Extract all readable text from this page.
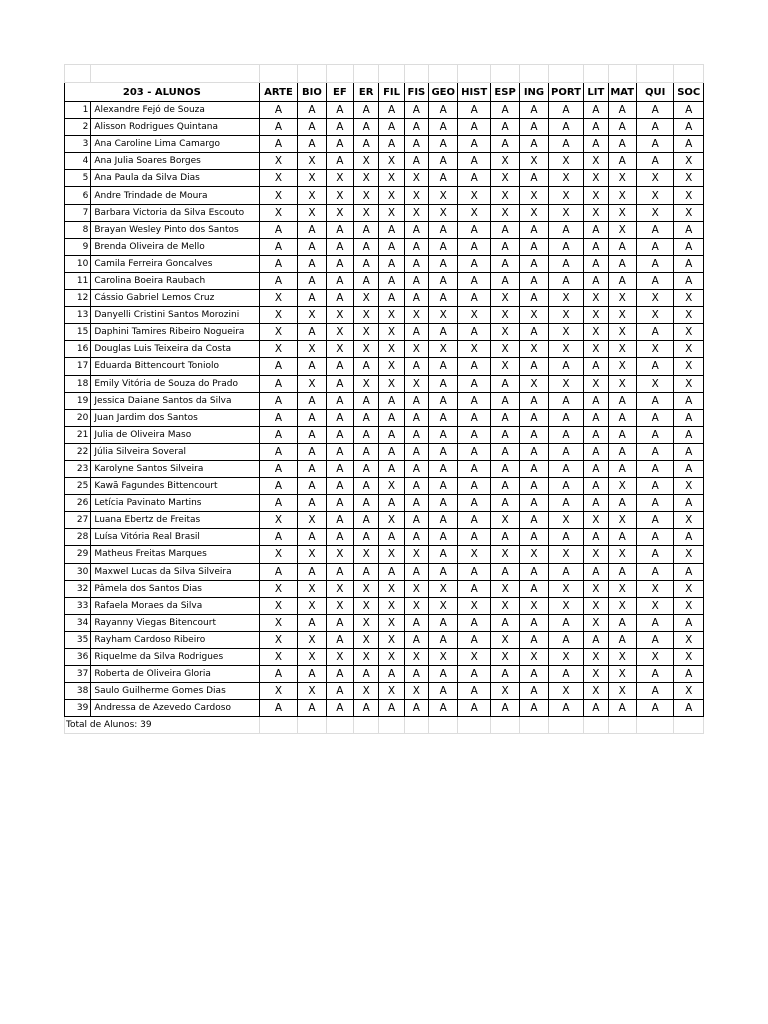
203 - ALUNOS		ARTE	BIO	EF	ER	FIL	FIS	GEO	HIST	ESP	ING	PORT	LIT	MAT	QUI	SOC
1	Alexandre Fejó de Souza	A	A	A	A	A	A	A	A	A	A	A	A	A	A	A
2	Alisson Rodrigues Quintana	A	A	A	A	A	A	A	A	A	A	A	A	A	A	A
3	Ana Caroline Lima Camargo	A	A	A	A	A	A	A	A	A	A	A	A	A	A	A
4	Ana Julia Soares Borges	X	X	A	X	X	A	A	A	X	X	X	X	A	A	X
5	Ana Paula da Silva Dias	X	X	X	X	X	X	A	A	X	A	X	X	X	X	X
6	Andre Trindade de Moura	X	X	X	X	X	X	X	X	X	X	X	X	X	X	X
7	Barbara Victoria da Silva Escouto	X	X	X	X	X	X	X	X	X	X	X	X	X	X	X
8	Brayan Wesley Pinto dos Santos	A	A	A	A	A	A	A	A	A	A	A	A	X	A	A
9	Brenda Oliveira de Mello	A	A	A	A	A	A	A	A	A	A	A	A	A	A	A
10	Camila Ferreira Goncalves	A	A	A	A	A	A	A	A	A	A	A	A	A	A	A
11	Carolina Boeira Raubach	A	A	A	A	A	A	A	A	A	A	A	A	A	A	A
12	Cássio Gabriel Lemos Cruz	X	A	A	X	A	A	A	A	X	A	X	X	X	X	X
13	Danyelli Cristini Santos Morozini	X	X	X	X	X	X	X	X	X	X	X	X	X	X	X
15	Daphini Tamires Ribeiro Nogueira	X	A	X	X	X	A	A	A	X	A	X	X	X	A	X
16	Douglas Luis Teixeira da Costa	X	X	X	X	X	X	X	X	X	X	X	X	X	X	X
17	Eduarda Bittencourt Toniolo	A	A	A	A	X	A	A	A	X	A	A	A	X	A	X
18	Emily Vitória de Souza do Prado	A	X	A	X	X	X	A	A	A	X	X	X	X	X	X
19	Jessica Daiane Santos da Silva	A	A	A	A	A	A	A	A	A	A	A	A	A	A	A
20	Juan Jardim dos Santos	A	A	A	A	A	A	A	A	A	A	A	A	A	A	A
21	Julia de Oliveira Maso	A	A	A	A	A	A	A	A	A	A	A	A	A	A	A
22	Júlia Silveira Soveral	A	A	A	A	A	A	A	A	A	A	A	A	A	A	A
23	Karolyne Santos Silveira	A	A	A	A	A	A	A	A	A	A	A	A	A	A	A
25	Kawã Fagundes Bittencourt	A	A	A	A	X	A	A	A	A	A	A	A	X	A	X
26	Letícia Pavinato Martins	A	A	A	A	A	A	A	A	A	A	A	A	A	A	A
27	Luana Ebertz de Freitas	X	X	A	A	X	A	A	A	X	A	X	X	X	A	X
28	Luísa Vitória Real Brasil	A	A	A	A	A	A	A	A	A	A	A	A	A	A	A
29	Matheus Freitas Marques	X	X	X	X	X	X	A	X	X	X	X	X	X	A	X
30	Maxwel Lucas da Silva Silveira	A	A	A	A	A	A	A	A	A	A	A	A	A	A	A
32	Pâmela dos Santos Dias	X	X	X	X	X	X	X	A	X	A	X	X	X	X	X
33	Rafaela Moraes da Silva	X	X	X	X	X	X	X	X	X	X	X	X	X	X	X
34	Rayanny Viegas Bitencourt	X	A	A	X	X	A	A	A	A	A	A	X	A	A	A
35	Rayham Cardoso Ribeiro	X	X	A	X	X	A	A	A	X	A	A	A	A	A	X
36	Riquelme da Silva Rodrigues	X	X	X	X	X	X	X	X	X	X	X	X	X	X	X
37	Roberta de Oliveira Gloria	A	A	A	A	A	A	A	A	A	A	A	X	X	A	A
38	Saulo Guilherme Gomes Dias	X	X	A	X	X	X	A	A	X	A	X	X	X	A	X
39	Andressa de Azevedo Cardoso	A	A	A	A	A	A	A	A	A	A	A	A	A	A	A
Total de Alunos: 39																
